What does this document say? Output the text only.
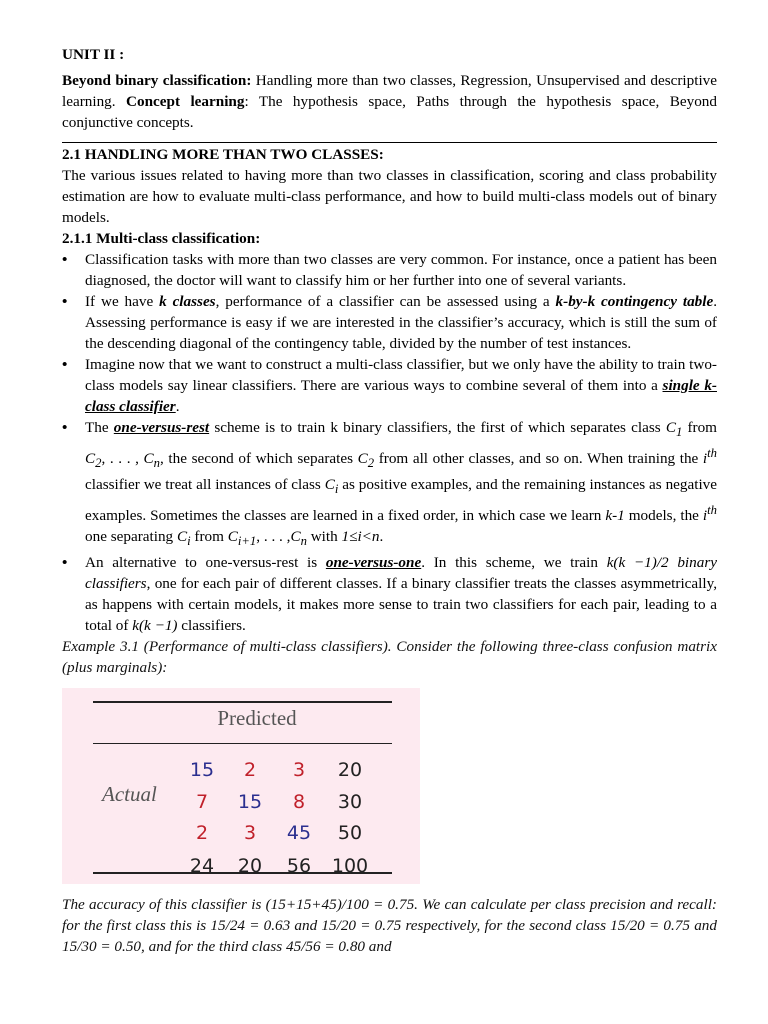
UNIT II :

Beyond binary classification: Handling more than two classes, Regression, Unsupervised and descriptive learning. Concept learning: The hypothesis space, Paths through the hypothesis space, Beyond conjunctive concepts.

2.1 HANDLING MORE THAN TWO CLASSES:

The various issues related to having more than two classes in classification, scoring and class probability estimation are how to evaluate multi-class performance, and how to build multi-class models out of binary models.

2.1.1 Multi-class classification:

• Classification tasks with more than two classes are very common. For instance, once a patient has been diagnosed, the doctor will want to classify him or her further into one of several variants.
• If we have k classes, performance of a classifier can be assessed using a k-by-k contingency table. Assessing performance is easy if we are interested in the classifier’s accuracy, which is still the sum of the descending diagonal of the contingency table, divided by the number of test instances.
• Imagine now that we want to construct a multi-class classifier, but we only have the ability to train two-class models say linear classifiers. There are various ways to combine several of them into a single k-class classifier.
• The one-versus-rest scheme is to train k binary classifiers, the first of which separates class $C_1$ from $C_2$, . . . , $C_n$, the second of which separates $C_2$ from all other classes, and so on. When training the $i^{th}$ classifier we treat all instances of class $C_i$ as positive examples, and the remaining instances as negative examples. Sometimes the classes are learned in a fixed order, in which case we learn k-1 models, the $i^{th}$ one separating $C_i$ from $C_{i+1}$, . . . $,C_n$ with 1≤i<n.
• An alternative to one-versus-rest is one-versus-one. In this scheme, we train k(k −1)/2 binary classifiers, one for each pair of different classes. If a binary classifier treats the classes asymmetrically, as happens with certain models, it makes more sense to train two classifiers for each pair, leading to a total of k(k −1) classifiers.

Example 3.1 (Performance of multi-class classifiers). Consider the following three-class confusion matrix (plus marginals):

Predicted
Actual
15	2	3	20
7	15	8	30
2	3	45	50
24	20	56	100

The accuracy of this classifier is (15+15+45)/100 = 0.75. We can calculate per class precision and recall: for the first class this is 15/24 = 0.63 and 15/20 = 0.75 respectively, for the second class 15/20 = 0.75 and 15/30 = 0.50, and for the third class 45/56 = 0.80 and
